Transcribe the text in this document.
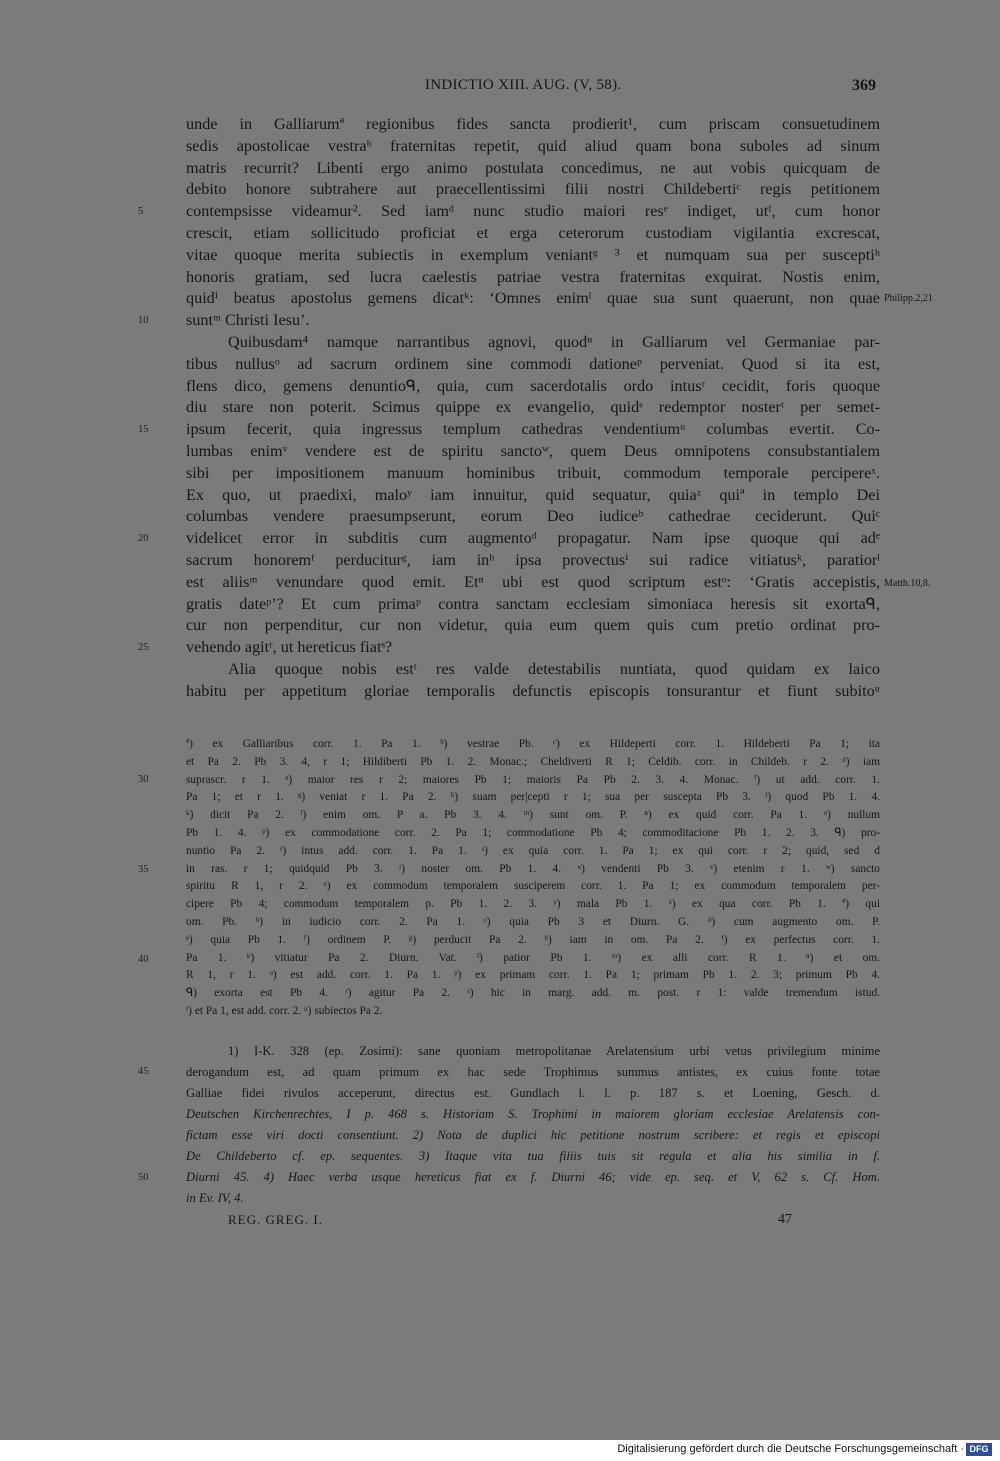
INDICTIO XIII. AUG. (V, 58).	369
unde in Galliarumª regionibus fides sancta prodierit¹, cum priscam consuetudinem
sedis apostolicae vestraᵇ fraternitas repetit, quid aliud quam bona suboles ad sinum
matris recurrit? Libenti ergo animo postulata concedimus, ne aut vobis quicquam de
debito honore subtrahere aut praecellentissimi filii nostri Childebertiᶜ regis petitionem
contempsisse videamur². Sed iamᵈ nunc studio maiori resᵉ indiget, utᶠ, cum honor
crescit, etiam sollicitudo proficiat et erga ceterorum custodiam vigilantia excrescat,
vitae quoque merita subiectis in exemplum veniantᵍ ³ et numquam sua per susceptiʰ
honoris gratiam, sed lucra caelestis patriae vestra fraternitas exquirat. Nostis enim,
quidⁱ beatus apostolus gemens dicatᵏ: ‘Omnes enimˡ quae sua sunt quaerunt, non quae
suntᵐ Christi Iesu’.
Quibusdam⁴ namque narrantibus agnovi, quodⁿ in Galliarum vel Germaniae par-
tibus nullusᵒ ad sacrum ordinem sine commodi dationeᵖ perveniat. Quod si ita est,
flens dico, gemens denuntioᑫ, quia, cum sacerdotalis ordo intusʳ cecidit, foris quoque
diu stare non poterit. Scimus quippe ex evangelio, quidˢ redemptor nosterᵗ per semet-
ipsum fecerit, quia ingressus templum cathedras vendentiumᵘ columbas evertit. Co-
lumbas enimᵛ vendere est de spiritu sanctoʷ, quem Deus omnipotens consubstantialem
sibi per impositionem manuum hominibus tribuit, commodum temporale percipereˣ.
Ex quo, ut praedixi, maloʸ iam innuitur, quid sequatur, quiaᶻ quiª in templo Dei
columbas vendere praesumpserunt, eorum Deo iudiceᵇ cathedrae ceciderunt. Quiᶜ
videlicet error in subditis cum augmentoᵈ propagatur. Nam ipse quoque qui adᵉ
sacrum honoremᶠ perduciturᵍ, iam inʰ ipsa provectusⁱ sui radice vitiatusᵏ, paratiorˡ
est aliisᵐ venundare quod emit. Etⁿ ubi est quod scriptum estᵒ: ‘Gratis accepistis,
gratis dateᵖ’? Et cum primaᵖ contra sanctam ecclesiam simoniaca heresis sit exortaᑫ,
cur non perpenditur, cur non videtur, quia eum quem quis cum pretio ordinat pro-
vehendo agitʳ, ut hereticus fiatˢ?
Alia quoque nobis estᵗ res valde detestabilis nuntiata, quod quidam ex laico
habitu per appetitum gloriae temporalis defunctis episcopis tonsurantur et fiunt subitoᵘ
5
10
15
20
25
Philipp.2,21
Matth.10,8.
ª) ex Galliaribus corr. 1. Pa 1. ᵇ) vestrae Pb. ᶜ) ex Hildeperti corr. 1. Hildeberti Pa 1; ita
et Pa 2. Pb 3. 4, r 1; Hildiberti Pb 1. 2. Monac.; Cheldiverti R 1; Celdib. corr. in Childeb. r 2. ᵈ) iam
suprascr. r 1. ᵉ) maior res r 2; maiores Pb 1; maioris Pa Pb 2. 3. 4. Monac. ᶠ) ut add. corr. 1.
Pa 1; et r 1. ᵍ) veniat r 1. Pa 2. ʰ) suam per|cepti r 1; sua per suscepta Pb 3. ⁱ) quod Pb 1. 4.
ᵏ) dicit Pa 2. ˡ) enim om. P a. Pb 3. 4. ᵐ) sunt om. P. ⁿ) ex quid corr. Pa 1. ᵒ) nullum
Pb 1. 4. ᵖ) ex commodatione corr. 2. Pa 1; commodatione Pb 4; commoditacione Pb 1. 2. 3. ᑫ) pro-
nuntio Pa 2. ʳ) intus add. corr. 1. Pa 1. ˢ) ex quia corr. 1. Pa 1; ex qui corr. r 2; quid, sed d
in ras. r 1; quidquid Pb 3. ᵗ) noster om. Pb 1. 4. ᵘ) vendenti Pb 3. ᵛ) etenim r 1. ʷ) sancto
spiritu R 1, r 2. ˣ) ex commodum temporalem susciperem corr. 1. Pa 1; ex commodum temporalem per-
cipere Pb 4; commodum temporalem p. Pb 1. 2. 3. ʸ) mala Pb 1. ᶻ) ex qua corr. Pb 1. ª) qui
om. Pb. ᵇ) in iudicio corr. 2. Pa 1. ᶜ) quia Pb 3 et Diurn. G. ᵈ) cum augmento om. P.
ᵉ) quia Pb 1. ᶠ) ordinem P. ᵍ) perducit Pa 2. ʰ) iam in om. Pa 2. ⁱ) ex perfectus corr. 1.
Pa 1. ᵏ) vitiatur Pa 2. Diurn. Vat. ˡ) patior Pb 1. ᵐ) ex alli corr. R 1. ⁿ) et om.
R 1, r 1. ᵒ) est add. corr. 1. Pa 1. ᵖ) ex primam corr. 1. Pa 1; primam Pb 1. 2. 3; primum Pb 4.
ᑫ) exorta est Pb 4. ʳ) agitur Pa 2. ˢ) hic in marg. add. m. post. r 1: valde tremendum istud.
ᵗ) et Pa 1, est add. corr. 2. ᵘ) subiectos Pa 2.
30
35
40
1) I-K. 328 (ep. Zosimi): sane quoniam metropolitanae Arelatensium urbi vetus privilegium minime
derogandum est, ad quam primum ex hac sede Trophimus summus antistes, ex cuius fonte totae
Galliae fidei rivulos acceperunt, directus est. Gundlach l. l. p. 187 s. et Loening, Gesch. d.
Deutschen Kirchenrechtes, I p. 468 s. Historiam S. Trophimi in maiorem gloriam ecclesiae Arelatensis con-
fictam esse viri docti consentiunt. 2) Nota de duplici hic petitione nostrum scribere: et regis et episcopi
De Childeberto cf. ep. sequentes. 3) Itaque vita tua filiis tuis sit regula et alia his similia in f.
Diurni 45. 4) Haec verba usque hereticus fiat ex f. Diurni 46; vide ep. seq. et V, 62 s. Cf. Hom.
in Ev. IV, 4.
45
50
REG. GREG. I.	47
Digitalisierung gefördert durch die Deutsche Forschungsgemeinschaft · DFG
